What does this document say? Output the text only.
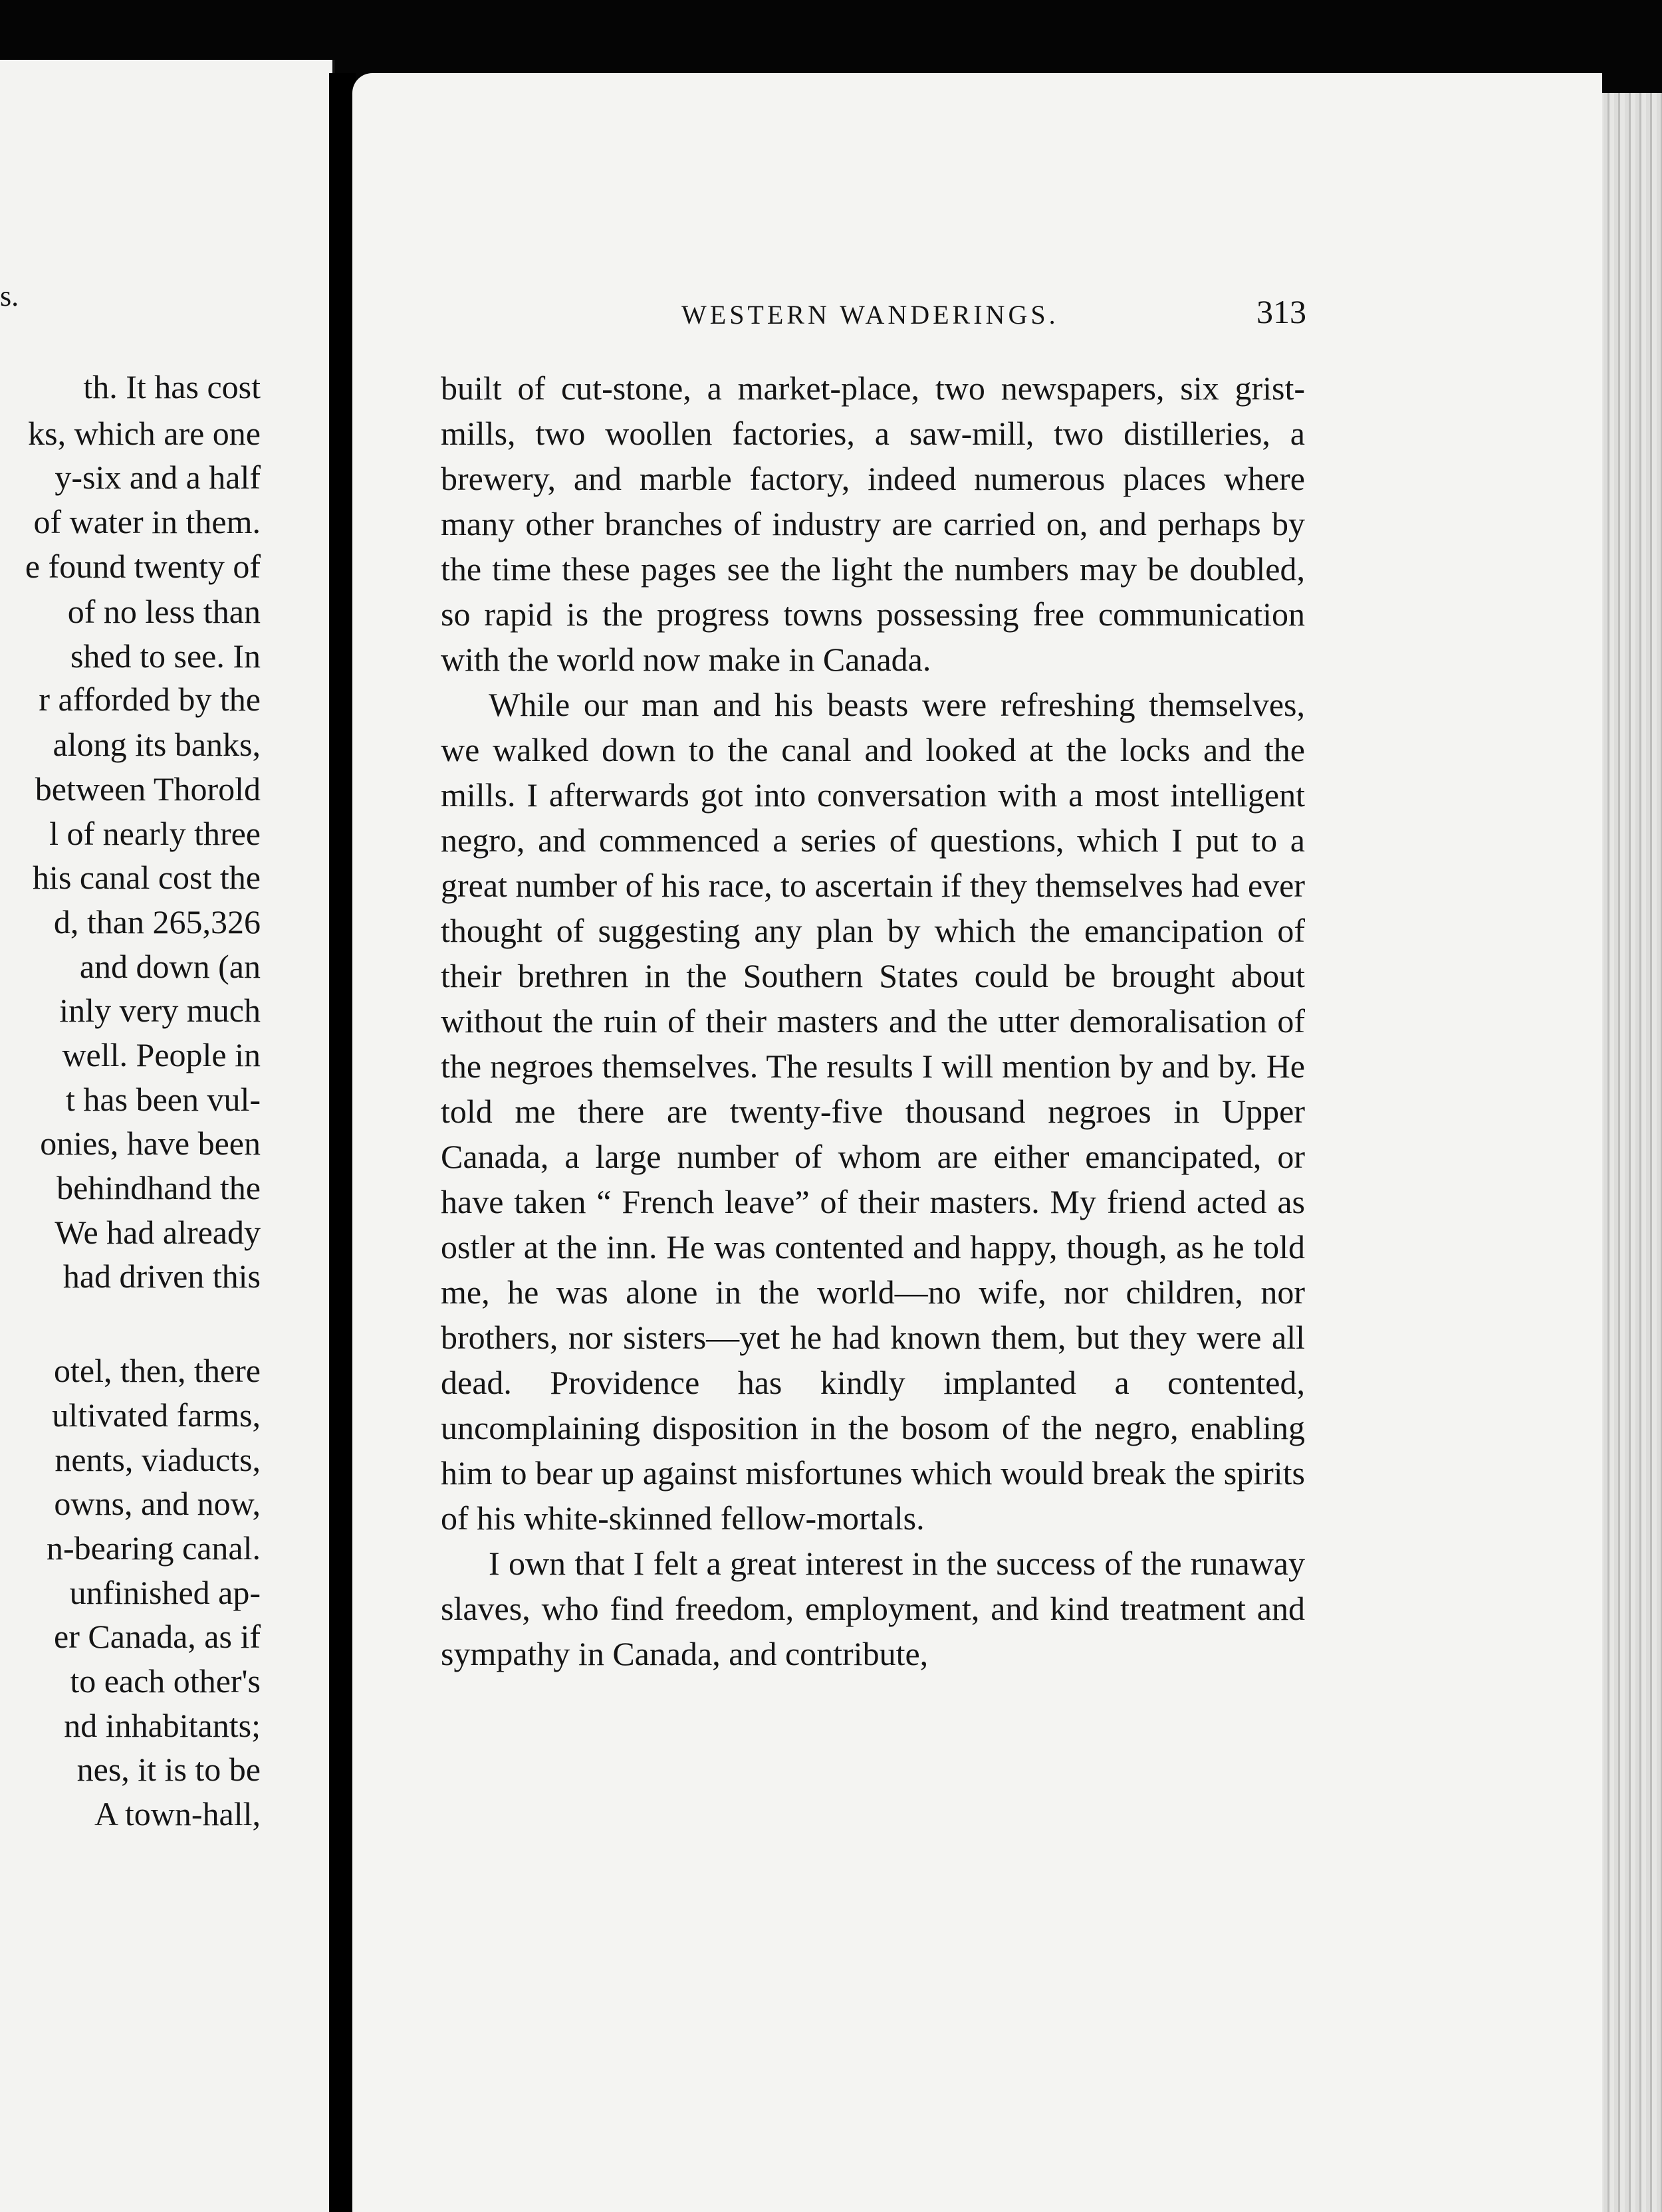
s.
th. It has cost
ks, which are one
y-six and a half
of water in them.
e found twenty of
of no less than
shed to see. In
r afforded by the
along its banks,
between Thorold
l of nearly three
his canal cost the
d, than 265,326
and down (an
inly very much
well. People in
t has been vul-
onies, have been
behindhand the
We had already
had driven this
otel, then, there
ultivated farms,
nents, viaducts,
owns, and now,
n-bearing canal.
unfinished ap-
er Canada, as if
to each other's
nd inhabitants;
nes, it is to be
A town-hall,
WESTERN WANDERINGS.	313

built of cut-stone, a market-place, two newspapers, six grist-mills, two woollen factories, a saw-mill, two distilleries, a brewery, and marble factory, indeed numerous places where many other branches of industry are carried on, and perhaps by the time these pages see the light the numbers may be doubled, so rapid is the progress towns possessing free communication with the world now make in Canada.

While our man and his beasts were refreshing themselves, we walked down to the canal and looked at the locks and the mills. I afterwards got into conversation with a most intelligent negro, and commenced a series of questions, which I put to a great number of his race, to ascertain if they themselves had ever thought of suggesting any plan by which the emancipation of their brethren in the Southern States could be brought about without the ruin of their masters and the utter demoralisation of the negroes themselves. The results I will mention by and by. He told me there are twenty-five thousand negroes in Upper Canada, a large number of whom are either emancipated, or have taken “ French leave” of their masters. My friend acted as ostler at the inn. He was contented and happy, though, as he told me, he was alone in the world—no wife, nor children, nor brothers, nor sisters—yet he had known them, but they were all dead. Providence has kindly implanted a contented, uncomplaining disposition in the bosom of the negro, enabling him to bear up against misfortunes which would break the spirits of his white-skinned fellow-mortals.

I own that I felt a great interest in the success of the runaway slaves, who find freedom, employment, and kind treatment and sympathy in Canada, and contribute,
